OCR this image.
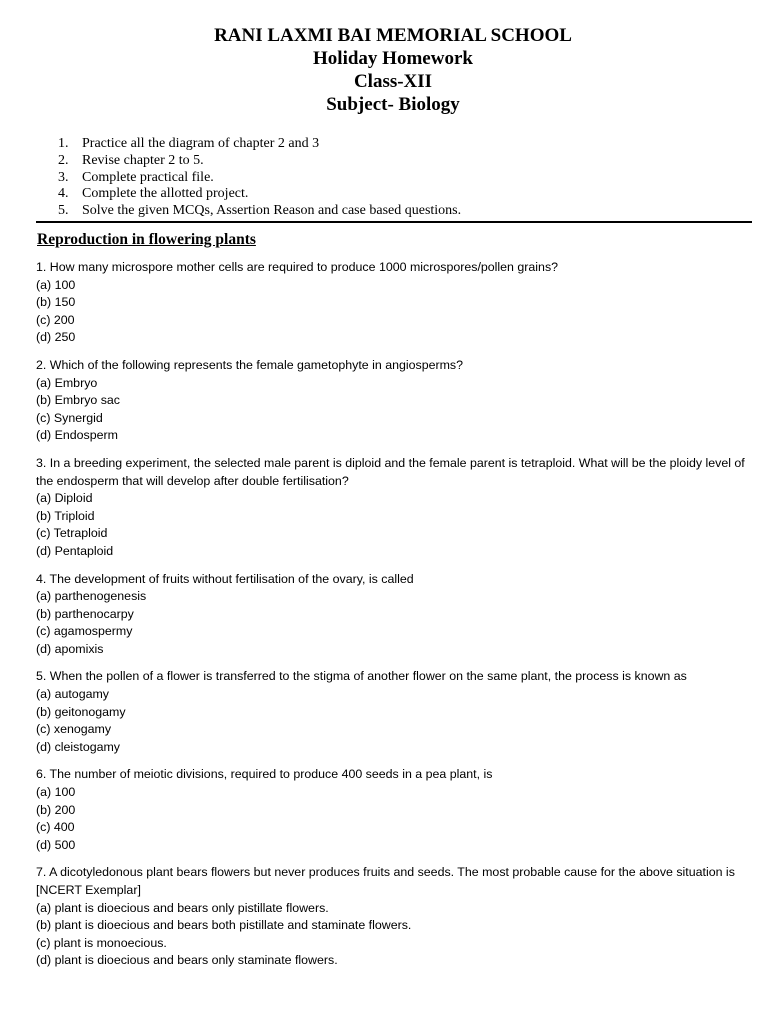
RANI LAXMI BAI MEMORIAL SCHOOL
Holiday Homework
Class-XII
Subject- Biology
1. Practice all the diagram of chapter 2 and 3
2. Revise chapter 2 to 5.
3. Complete practical file.
4. Complete the allotted project.
5. Solve the given MCQs, Assertion Reason and case based questions.
Reproduction in flowering plants
1. How many microspore mother cells are required to produce 1000 microspores/pollen grains?
(a) 100
(b) 150
(c) 200
(d) 250
2. Which of the following represents the female gametophyte in angiosperms?
(a) Embryo
(b) Embryo sac
(c) Synergid
(d) Endosperm
3. In a breeding experiment, the selected male parent is diploid and the female parent is tetraploid. What will be the ploidy level of the endosperm that will develop after double fertilisation?
(a) Diploid
(b) Triploid
(c) Tetraploid
(d) Pentaploid
4. The development of fruits without fertilisation of the ovary, is called
(a) parthenogenesis
(b) parthenocarpy
(c) agamospermy
(d) apomixis
5. When the pollen of a flower is transferred to the stigma of another flower on the same plant, the process is known as
(a) autogamy
(b) geitonogamy
(c) xenogamy
(d) cleistogamy
6. The number of meiotic divisions, required to produce 400 seeds in a pea plant, is
(a) 100
(b) 200
(c) 400
(d) 500
7. A dicotyledonous plant bears flowers but never produces fruits and seeds. The most probable cause for the above situation is [NCERT Exemplar]
(a) plant is dioecious and bears only pistillate flowers.
(b) plant is dioecious and bears both pistillate and staminate flowers.
(c) plant is monoecious.
(d) plant is dioecious and bears only staminate flowers.
